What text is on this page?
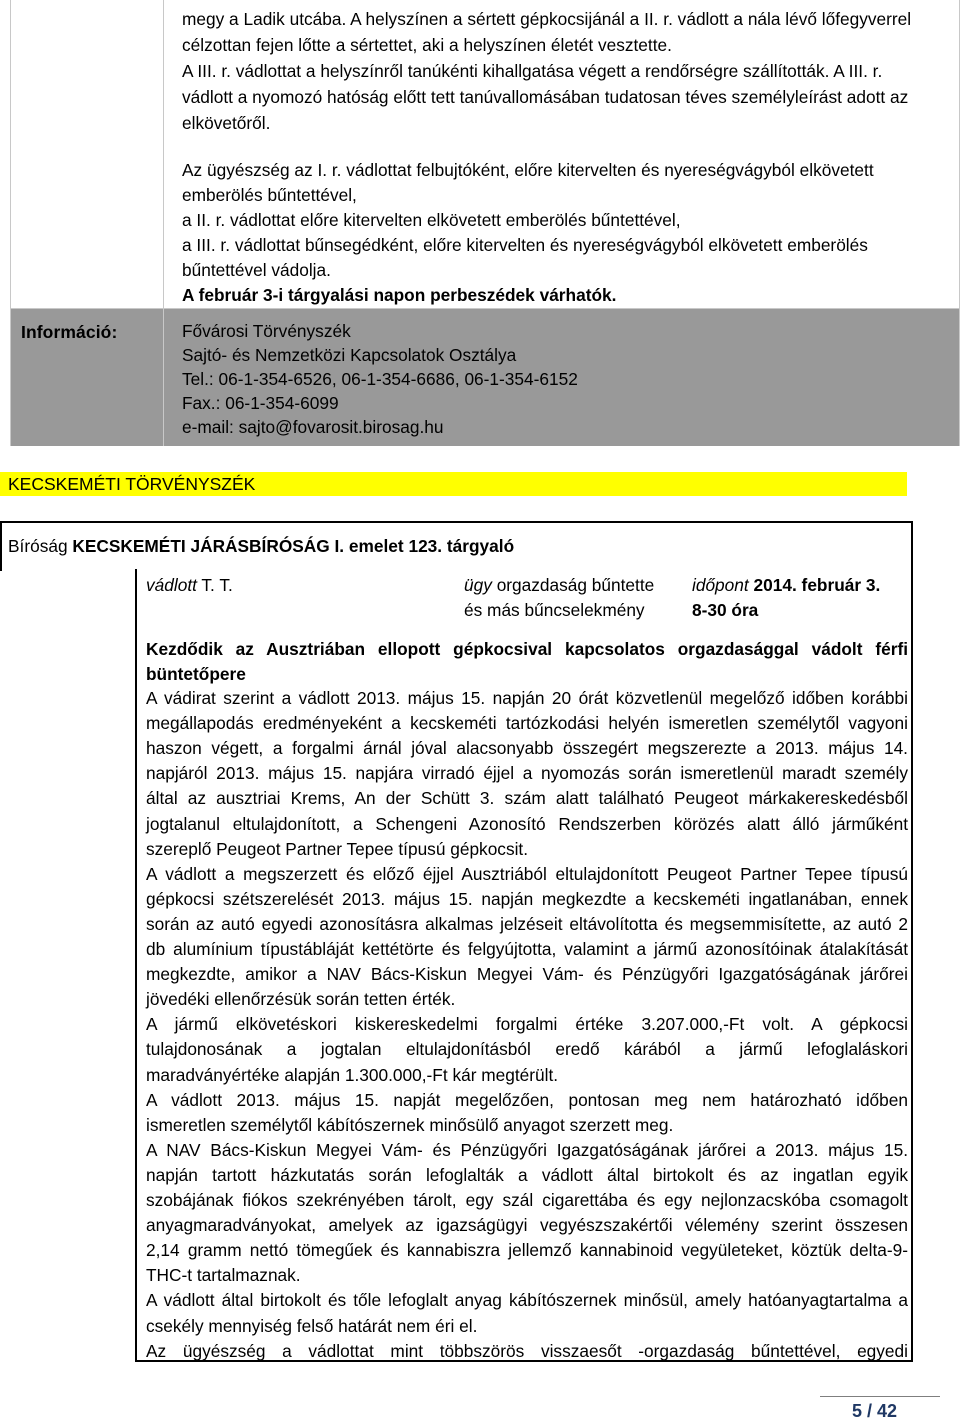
megy a Ladik utcába. A helyszínen a sértett gépkocsijánál a II. r. vádlott a nála lévő lőfegyverrel
célzottan fejen lőtte a sértettet, aki a helyszínen életét vesztette.
A III. r. vádlottat a helyszínről tanúkénti kihallgatása végett a rendőrségre szállították. A III. r.
vádlott a nyomozó hatóság előtt tett tanúvallomásában tudatosan téves személyleírást adott az
elkövetőről.
Az ügyészség az I. r. vádlottat felbujtóként, előre kitervelten és nyereségvágyból elkövetett
emberölés bűntettével,
a II. r. vádlottat előre kitervelten elkövetett emberölés bűntettével,
a III. r. vádlottat bűnsegédként, előre kitervelten és nyereségvágyból elkövetett emberölés
bűntettével vádolja.
A február 3-i tárgyalási napon perbeszédek várhatók.
Információ:	Fővárosi Törvényszék
Sajtó- és Nemzetközi Kapcsolatok Osztálya
Tel.: 06-1-354-6526, 06-1-354-6686, 06-1-354-6152
Fax.: 06-1-354-6099
e-mail: sajto@fovarosit.birosag.hu
KECSKEMÉTI TÖRVÉNYSZÉK
Bíróság KECSKEMÉTI JÁRÁSBÍRÓSÁG I. emelet 123. tárgyaló
vádlott T. T.	ügy orgazdaság bűntette
és más bűncselekmény
időpont 2014. február 3.
8-30 óra
Kezdődik az Ausztriában ellopott gépkocsival kapcsolatos orgazdasággal vádolt férfi
büntetőpere
A vádirat szerint a vádlott 2013. május 15. napján 20 órát közvetlenül megelőző időben korábbi
megállapodás eredményeként a kecskeméti tartózkodási helyén ismeretlen személytől vagyoni
haszon végett, a forgalmi árnál jóval alacsonyabb összegért megszerezte a 2013. május 14.
napjáról 2013. május 15. napjára virradó éjjel a nyomozás során ismeretlenül maradt személy
által az ausztriai Krems, An der Schütt 3. szám alatt található Peugeot márkakereskedésből
jogtalanul eltulajdonított, a Schengeni Azonosító Rendszerben körözés alatt álló járműként
szereplő Peugeot Partner Tepee típusú gépkocsit.
A vádlott a megszerzett és előző éjjel Ausztriából eltulajdonított Peugeot Partner Tepee típusú
gépkocsi szétszerelését 2013. május 15. napján megkezdte a kecskeméti ingatlanában, ennek
során az autó egyedi azonosításra alkalmas jelzéseit eltávolította és megsemmisítette, az autó 2
db alumínium típustábláját kettétörte és felgyújtotta, valamint a jármű azonosítóinak átalakítását
megkezdte, amikor a NAV Bács-Kiskun Megyei Vám- és Pénzügyőri Igazgatóságának járőrei
jövedéki ellenőrzésük során tetten érték.
A jármű elkövetéskori kiskereskedelmi forgalmi értéke 3.207.000,-Ft volt. A gépkocsi
tulajdonosának a jogtalan eltulajdonításból eredő kárából a jármű lefoglaláskori
maradványértéke alapján 1.300.000,-Ft kár megtérült.
A vádlott 2013. május 15. napját megelőzően, pontosan meg nem határozható időben
ismeretlen személytől kábítószernek minősülő anyagot szerzett meg.
A NAV Bács-Kiskun Megyei Vám- és Pénzügyőri Igazgatóságának járőrei a 2013. május 15.
napján tartott házkutatás során lefoglalták a vádlott által birtokolt és az ingatlan egyik
szobájának fiókos szekrényében tárolt, egy szál cigarettába és egy nejlonzacskóba csomagolt
anyagmaradványokat, amelyek az igazságügyi vegyészszakértői vélemény szerint összesen
2,14 gramm nettó tömegűek és kannabiszra jellemző kannabinoid vegyületeket, köztük delta-9-
THC-t tartalmaznak.
A vádlott által birtokolt és tőle lefoglalt anyag kábítószernek minősül, amely hatóanyagtartalma a
csekély mennyiség felső határát nem éri el.
Az ügyészség a vádlottat mint többszörös visszaesőt -orgazdaság bűntettével, egyedi
5 / 42
